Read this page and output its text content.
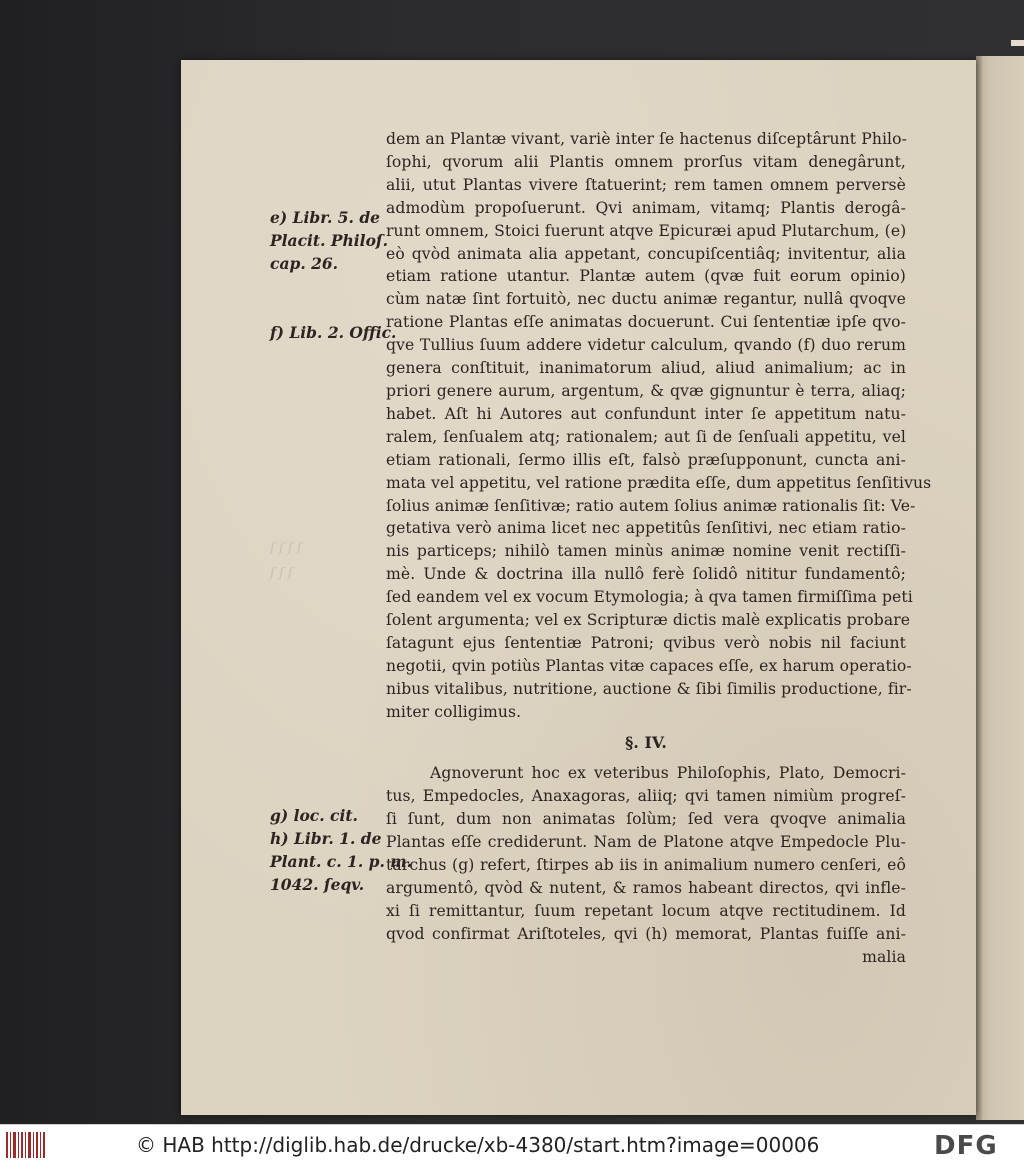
ſ ſ ſ ſ
ſ ſ ſ
dem an Plantæ vivant, variè inter ſe hactenus diſceptârunt Philo-
ſophi, qvorum alii Plantis omnem prorſus vitam denegârunt,
alii, utut Plantas vivere ſtatuerint; rem tamen omnem perversè
admodùm propoſuerunt. Qvi animam, vitamq; Plantis derogâ-
runt omnem, Stoici fuerunt atqve Epicuræi apud Plutarchum, (e)
eò qvòd animata alia appetant, concupiſcentiâq; invitentur, alia
etiam ratione utantur. Plantæ autem (qvæ fuit eorum opinio)
cùm natæ ſint fortuitò, nec ductu animæ regantur, nullâ qvoqve
ratione Plantas eſſe animatas docuerunt. Cui ſententiæ ipſe qvo-
qve Tullius ſuum addere videtur calculum, qvando (f) duo rerum
genera conſtituit, inanimatorum aliud, aliud animalium; ac in
priori genere aurum, argentum, & qvæ gignuntur è terra, aliaq;
habet. Aſt hi Autores aut confundunt inter ſe appetitum natu-
ralem, ſenſualem atq; rationalem; aut ſi de ſenſuali appetitu, vel
etiam rationali, ſermo illis eſt, falsò præſupponunt, cuncta ani-
mata vel appetitu, vel ratione prædita eſſe, dum appetitus ſenſitivus
ſolius animæ ſenſitivæ; ratio autem ſolius animæ rationalis ſit: Ve-
getativa verò anima licet nec appetitûs ſenſitivi, nec etiam ratio-
nis particeps; nihilò tamen minùs animæ nomine venit rectiſſi-
mè. Unde & doctrina illa nullô ferè ſolidô nititur fundamentô;
ſed eandem vel ex vocum Etymologia; à qva tamen firmiſſima peti
ſolent argumenta; vel ex Scripturæ dictis malè explicatis probare
ſatagunt ejus ſententiæ Patroni; qvibus verò nobis nil faciunt
negotii, qvin potiùs Plantas vitæ capaces eſſe, ex harum operatio-
nibus vitalibus, nutritione, auctione & ſibi ſimilis productione, fir-
miter colligimus.
§. IV.
Agnoverunt hoc ex veteribus Philoſophis, Plato, Democri-
tus, Empedocles, Anaxagoras, aliiq; qvi tamen nimiùm progreſ-
ſi ſunt, dum non animatas ſolùm; ſed vera qvoqve animalia
Plantas eſſe crediderunt. Nam de Platone atqve Empedocle Plu-
tarchus (g) refert, ſtirpes ab iis in animalium numero cenſeri, eô
argumentô, qvòd & nutent, & ramos habeant directos, qvi infle-
xi ſi remittantur, ſuum repetant locum atqve rectitudinem. Id
qvod confirmat Ariſtoteles, qvi (h) memorat, Plantas fuiſſe ani-
malia
e) Libr. 5. de
Placit. Philoſ.
cap. 26.
f) Lib. 2. Offic.
g) loc. cit.
h) Libr. 1. de
Plant. c. 1. p. m.
1042. ſeqv.
© HAB http://diglib.hab.de/drucke/xb-4380/start.htm?image=00006	DFG
